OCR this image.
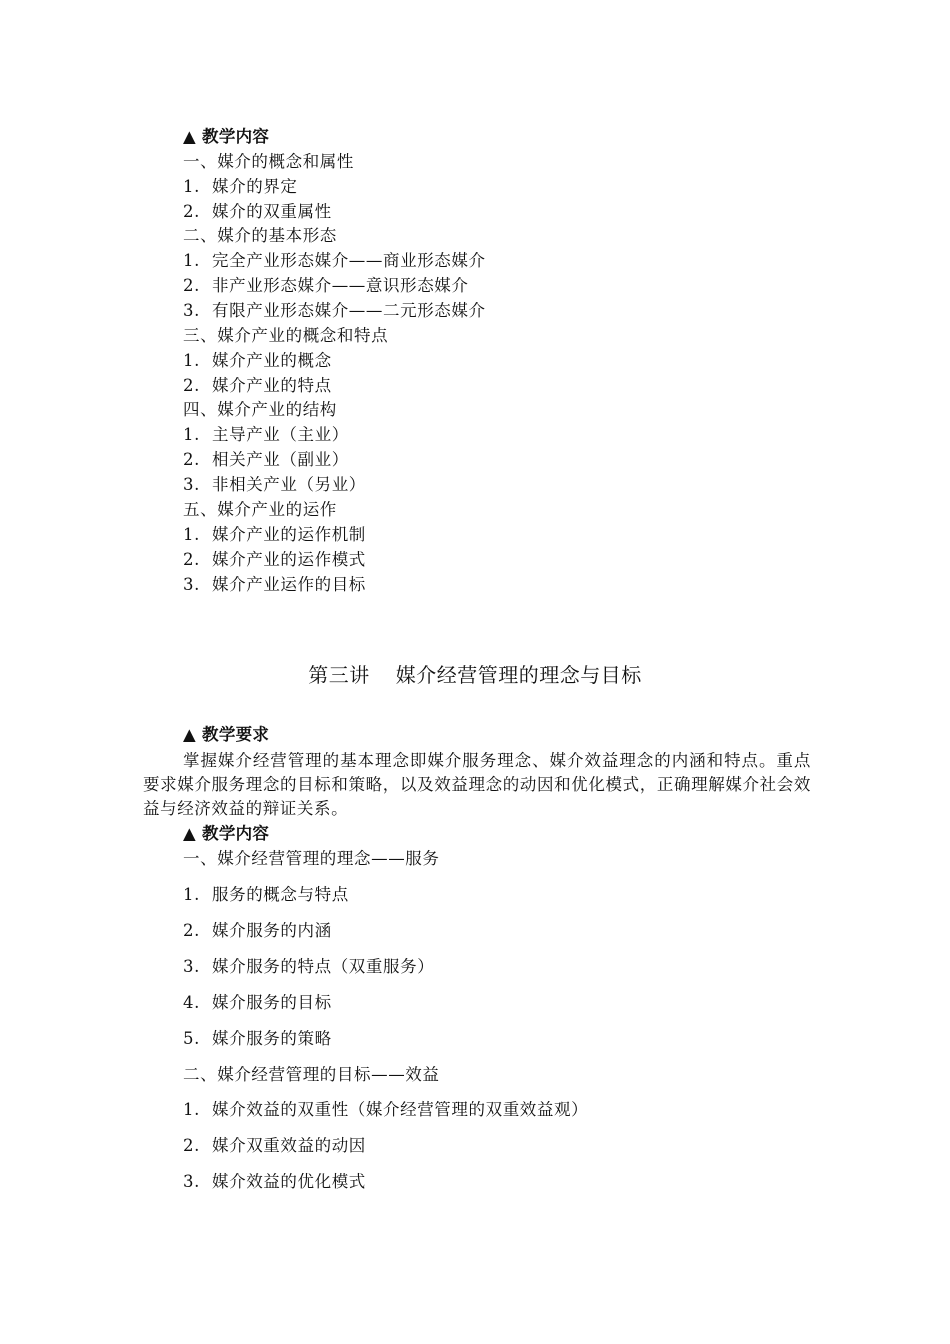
▲ 教学内容
一、媒介的概念和属性
1. 媒介的界定
2. 媒介的双重属性
二、媒介的基本形态
1. 完全产业形态媒介——商业形态媒介
2. 非产业形态媒介——意识形态媒介
3. 有限产业形态媒介——二元形态媒介
三、媒介产业的概念和特点
1. 媒介产业的概念
2. 媒介产业的特点
四、媒介产业的结构
1. 主导产业（主业）
2. 相关产业（副业）
3. 非相关产业（另业）
五、媒介产业的运作
1. 媒介产业的运作机制
2. 媒介产业的运作模式
3. 媒介产业运作的目标
第三讲 媒介经营管理的理念与目标
▲ 教学要求
掌握媒介经营管理的基本理念即媒介服务理念、媒介效益理念的内涵和特点。重点要求媒介服务理念的目标和策略，以及效益理念的动因和优化模式，正确理解媒介社会效益与经济效益的辩证关系。
▲ 教学内容
一、媒介经营管理的理念——服务
1. 服务的概念与特点
2. 媒介服务的内涵
3. 媒介服务的特点（双重服务）
4. 媒介服务的目标
5. 媒介服务的策略
二、媒介经营管理的目标——效益
1. 媒介效益的双重性（媒介经营管理的双重效益观）
2. 媒介双重效益的动因
3. 媒介效益的优化模式
